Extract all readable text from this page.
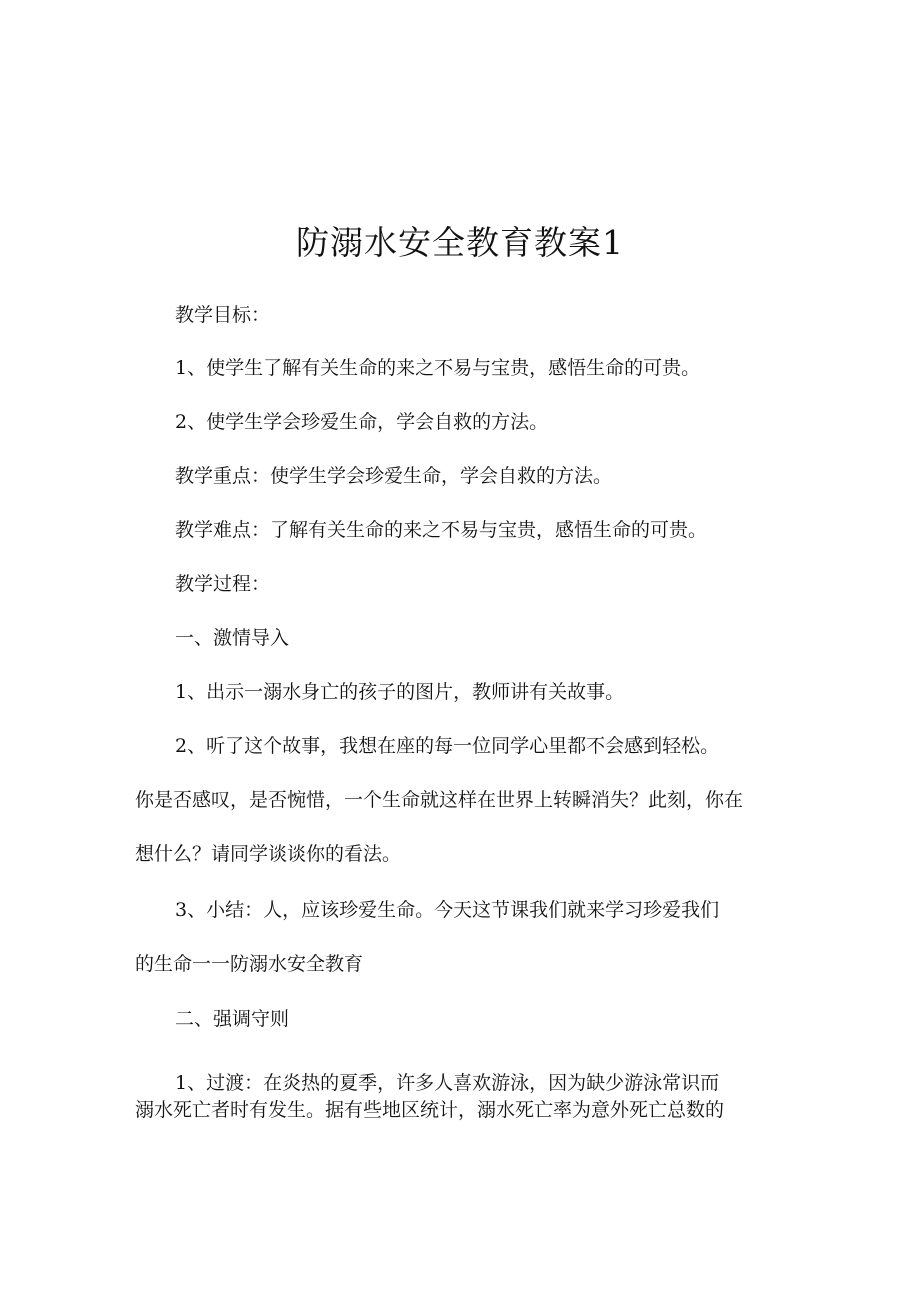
防溺水安全教育教案1
教学目标：
1、使学生了解有关生命的来之不易与宝贵，感悟生命的可贵。
2、使学生学会珍爱生命，学会自救的方法。
教学重点：使学生学会珍爱生命，学会自救的方法。
教学难点：了解有关生命的来之不易与宝贵，感悟生命的可贵。
教学过程：
一、激情导入
1、出示一溺水身亡的孩子的图片，教师讲有关故事。
2、听了这个故事，我想在座的每一位同学心里都不会感到轻松。
你是否感叹，是否惋惜，一个生命就这样在世界上转瞬消失？此刻，你在
想什么？请同学谈谈你的看法。
3、小结：人，应该珍爱生命。今天这节课我们就来学习珍爱我们
的生命一一防溺水安全教育
二、强调守则
1、过渡：在炎热的夏季，许多人喜欢游泳，因为缺少游泳常识而
溺水死亡者时有发生。据有些地区统计，溺水死亡率为意外死亡总数的
